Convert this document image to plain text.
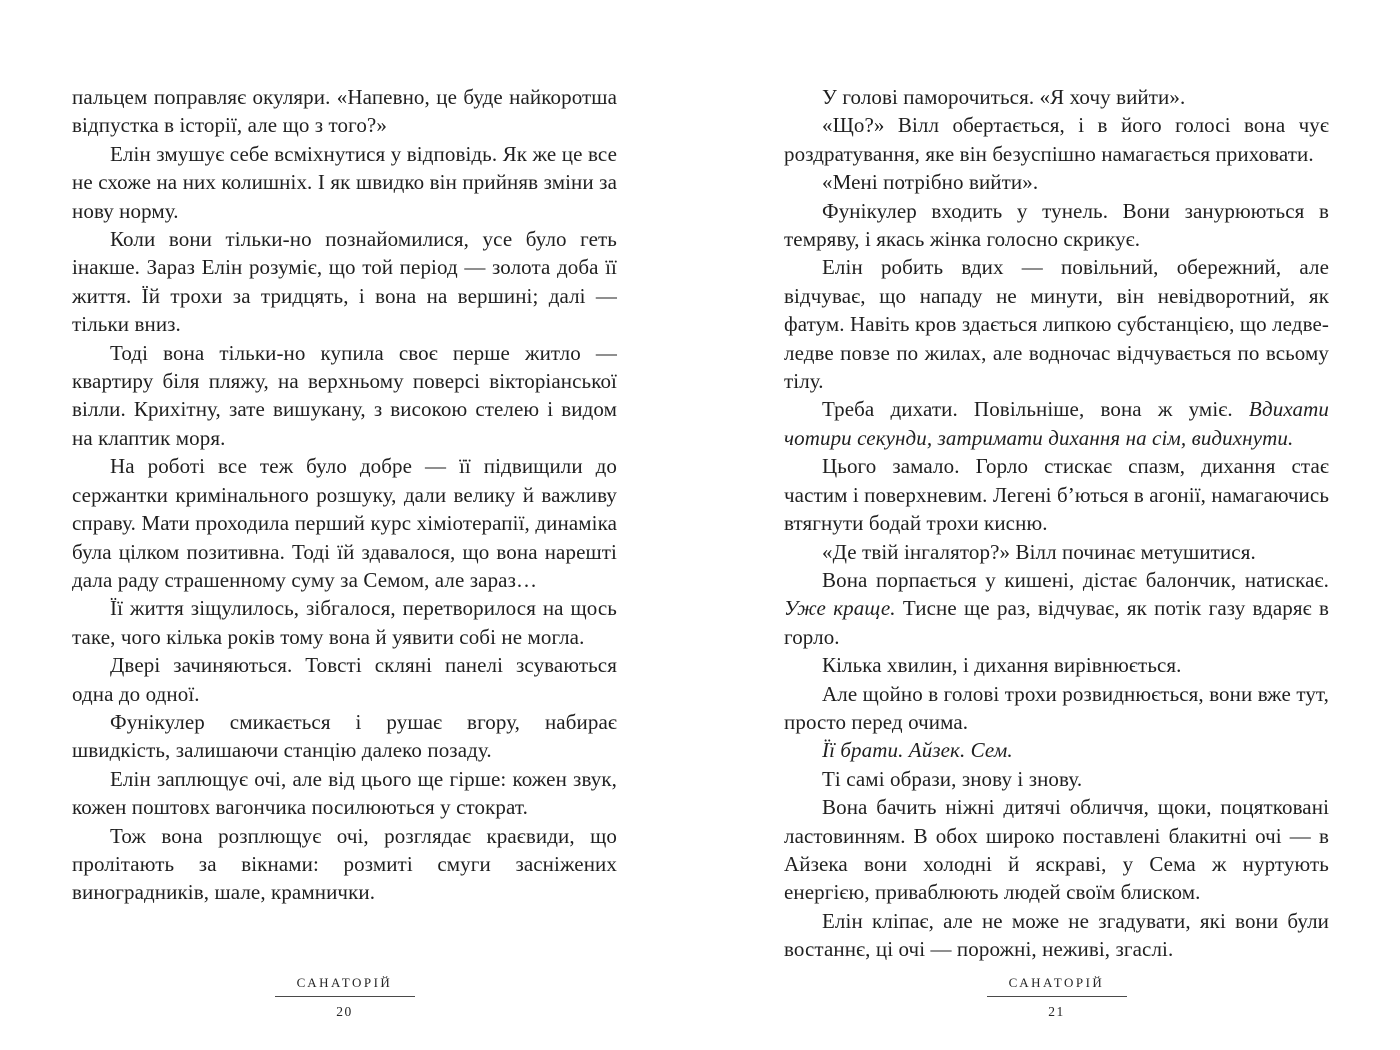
пальцем поправляє окуляри. «Напевно, це буде найкоротша відпустка в історії, але що з того?»

Елін змушує себе всміхнутися у відповідь. Як же це все не схоже на них колишніх. І як швидко він прийняв зміни за нову норму.

Коли вони тільки-но познайомилися, усе було геть інакше. Зараз Елін розуміє, що той період — золота доба її життя. Їй трохи за тридцять, і вона на вершині; далі — тільки вниз.

Тоді вона тільки-но купила своє перше житло — квартиру біля пляжу, на верхньому поверсі вікторіанської вілли. Крихітну, зате вишукану, з високою стелею і видом на клаптик моря.

На роботі все теж було добре — її підвищили до сержантки кримінального розшуку, дали велику й важливу справу. Мати проходила перший курс хіміотерапії, динаміка була цілком позитивна. Тоді їй здавалося, що вона нарешті дала раду страшенному суму за Семом, але зараз…

Її життя зіщулилось, зібгалося, перетворилося на щось таке, чого кілька років тому вона й уявити собі не могла.

Двері зачиняються. Товсті скляні панелі зсуваються одна до одної.

Фунікулер смикається і рушає вгору, набирає швидкість, залишаючи станцію далеко позаду.

Елін заплющує очі, але від цього ще гірше: кожен звук, кожен поштовх вагончика посилюються у стократ.

Тож вона розплющує очі, розглядає краєвиди, що пролітають за вікнами: розмиті смуги засніжених виноградників, шале, крамнички.

САНАТОРІЙ
20

У голові паморочиться. «Я хочу вийти».

«Що?» Вілл обертається, і в його голосі вона чує роздратування, яке він безуспішно намагається приховати.

«Мені потрібно вийти».

Фунікулер входить у тунель. Вони занурюються в темряву, і якась жінка голосно скрикує.

Елін робить вдих — повільний, обережний, але відчуває, що нападу не минути, він невідворотний, як фатум. Навіть кров здається липкою субстанцією, що ледве-ледве повзе по жилах, але водночас відчувається по всьому тілу.

Треба дихати. Повільніше, вона ж уміє. Вдихати чотири секунди, затримати дихання на сім, видихнути.

Цього замало. Горло стискає спазм, дихання стає частим і поверхневим. Легені б’ються в агонії, намагаючись втягнути бодай трохи кисню.

«Де твій інгалятор?» Вілл починає метушитися.

Вона порпається у кишені, дістає балончик, натискає. Уже краще. Тисне ще раз, відчуває, як потік газу вдаряє в горло.

Кілька хвилин, і дихання вирівнюється.

Але щойно в голові трохи розвиднюється, вони вже тут, просто перед очима.

Її брати. Айзек. Сем.

Ті самі образи, знову і знову.

Вона бачить ніжні дитячі обличчя, щоки, поцятковані ластовинням. В обох широко поставлені блакитні очі — в Айзека вони холодні й яскраві, у Сема ж нуртують енергією, приваблюють людей своїм блиском.

Елін кліпає, але не може не згадувати, які вони були востаннє, ці очі — порожні, неживі, згаслі.

САНАТОРІЙ
21
